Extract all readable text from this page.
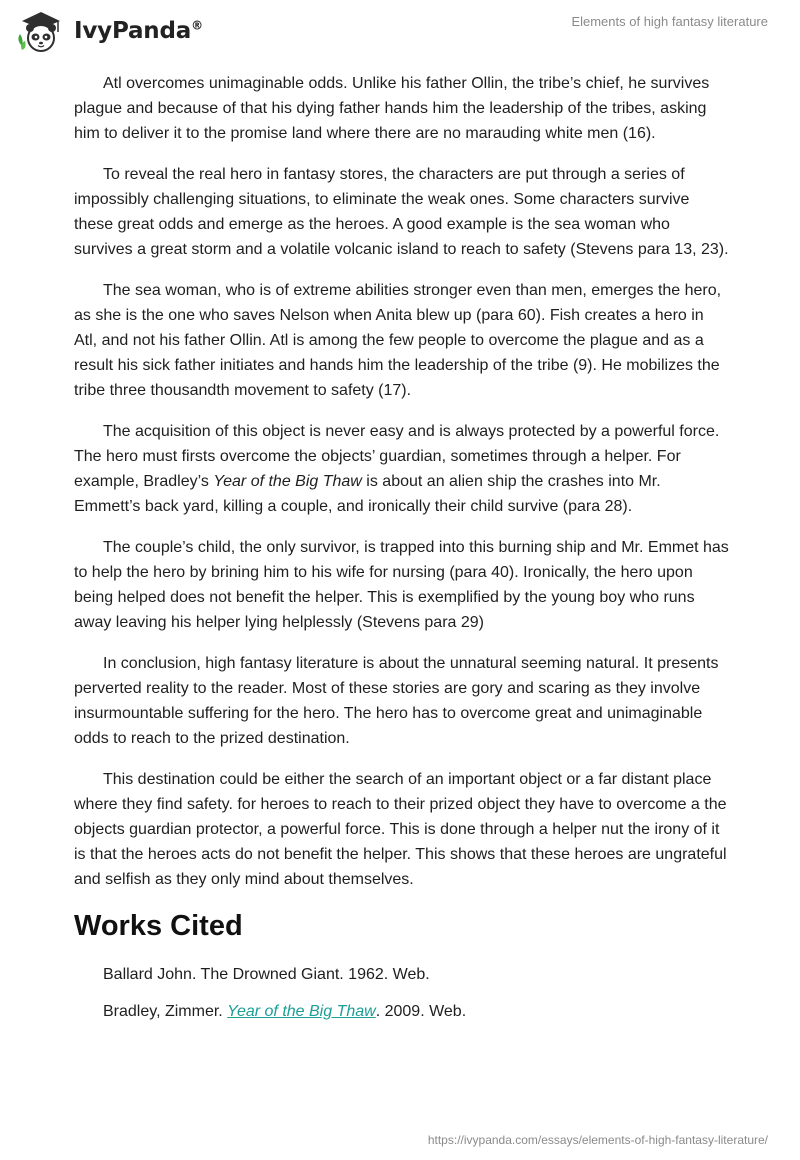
IvyPanda®	Elements of high fantasy literature

Atl overcomes unimaginable odds. Unlike his father Ollin, the tribe’s chief, he survives plague and because of that his dying father hands him the leadership of the tribes, asking him to deliver it to the promise land where there are no marauding white men (16).

To reveal the real hero in fantasy stores, the characters are put through a series of impossibly challenging situations, to eliminate the weak ones. Some characters survive these great odds and emerge as the heroes. A good example is the sea woman who survives a great storm and a volatile volcanic island to reach to safety (Stevens para 13, 23).

The sea woman, who is of extreme abilities stronger even than men, emerges the hero, as she is the one who saves Nelson when Anita blew up (para 60). Fish creates a hero in Atl, and not his father Ollin. Atl is among the few people to overcome the plague and as a result his sick father initiates and hands him the leadership of the tribe (9). He mobilizes the tribe three thousandth movement to safety (17).

The acquisition of this object is never easy and is always protected by a powerful force. The hero must firsts overcome the objects’ guardian, sometimes through a helper. For example, Bradley’s Year of the Big Thaw is about an alien ship the crashes into Mr. Emmett’s back yard, killing a couple, and ironically their child survive (para 28).

The couple’s child, the only survivor, is trapped into this burning ship and Mr. Emmet has to help the hero by brining him to his wife for nursing (para 40). Ironically, the hero upon being helped does not benefit the helper. This is exemplified by the young boy who runs away leaving his helper lying helplessly (Stevens para 29)

In conclusion, high fantasy literature is about the unnatural seeming natural. It presents perverted reality to the reader. Most of these stories are gory and scaring as they involve insurmountable suffering for the hero. The hero has to overcome great and unimaginable odds to reach to the prized destination.

This destination could be either the search of an important object or a far distant place where they find safety. for heroes to reach to their prized object they have to overcome a the objects guardian protector, a powerful force. This is done through a helper nut the irony of it is that the heroes acts do not benefit the helper. This shows that these heroes are ungrateful and selfish as they only mind about themselves.

Works Cited

Ballard John. The Drowned Giant. 1962. Web.

Bradley, Zimmer. Year of the Big Thaw. 2009. Web.

https://ivypanda.com/essays/elements-of-high-fantasy-literature/
